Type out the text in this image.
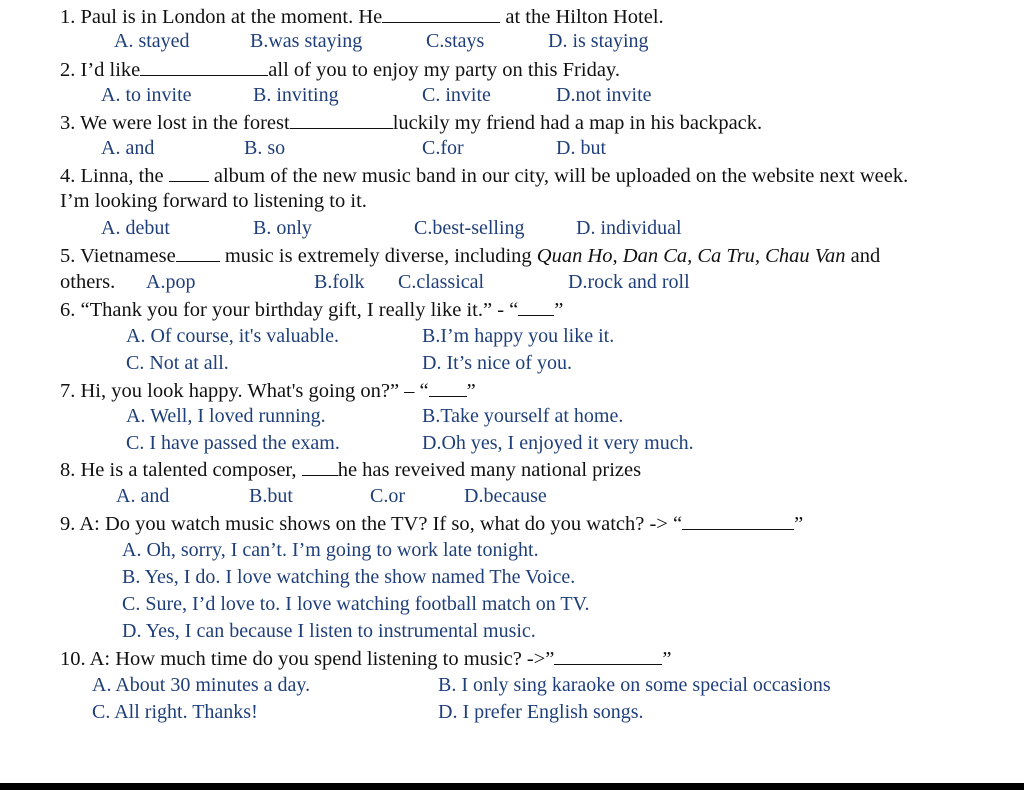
1. Paul is in London at the moment. He	at the Hilton Hotel.
A. stayed	B.was staying	C.stays	D. is staying
2. I’d like	all of you to enjoy my party on this Friday.
A. to invite	B. inviting	C. invite	D.not invite
3. We were lost in the forest	luckily my friend had a map in his backpack.
A. and	B. so	C.for	D. but
4. Linna, the album of the new music band in our city, will be uploaded on the website next week.
I’m looking forward to listening to it.
A. debut	B. only	C.best-selling	D. individual
5. Vietnamese music is extremely diverse, including Quan Ho, Dan Ca, Ca Tru, Chau Van and
others. A.pop	B.folk C.classical	D.rock and roll
6. “Thank you for your birthday gift, I really like it.” - “ ”
A. Of course, it's valuable.	B.I’m happy you like it.
C. Not at all.	D. It’s nice of you.
7. Hi, you look happy. What's going on?” – “ ”
A. Well, I loved running.	B.Take yourself at home.
C. I have passed the exam.	D.Oh yes, I enjoyed it very much.
8. He is a talented composer, he has reveived many national prizes
A. and	B.but	C.or	D.because
9. A: Do you watch music shows on the TV? If so, what do you watch? -> “	”
A. Oh, sorry, I can’t. I’m going to work late tonight.
B. Yes, I do. I love watching the show named The Voice.
C. Sure, I’d love to. I love watching football match on TV.
D. Yes, I can because I listen to instrumental music.
10. A: How much time do you spend listening to music? ->”	”
A. About 30 minutes a day.	B. I only sing karaoke on some special occasions
C. All right. Thanks!	D. I prefer English songs.
